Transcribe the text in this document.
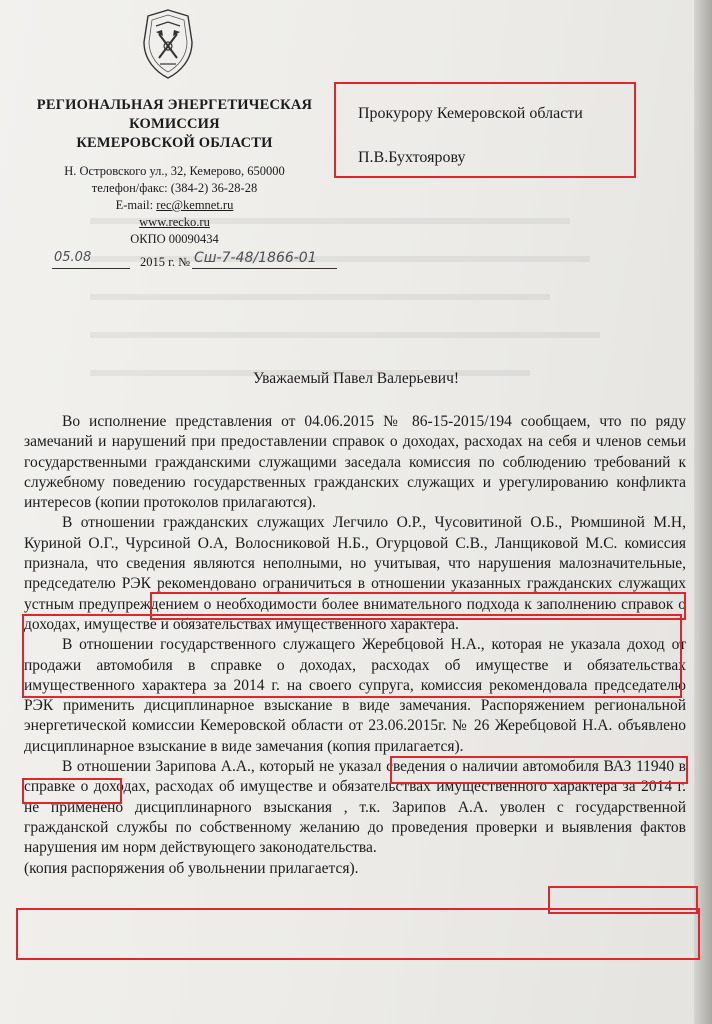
РЕГИОНАЛЬНАЯ ЭНЕРГЕТИЧЕСКАЯ
КОМИССИЯ
КЕМЕРОВСКОЙ ОБЛАСТИ
Н. Островского ул., 32, Кемерово, 650000
телефон/факс: (384-2) 36-28-28
E-mail: rec@kemnet.ru
www.recko.ru
ОКПО 00090434
05.08	2015 г. № Сш-7-48/1866-01
Прокурору Кемеровской области
П.В.Бухтоярову
Уважаемый Павел Валерьевич!

Во исполнение представления от 04.06.2015 № 86-15-2015/194 сообщаем, что по ряду замечаний и нарушений при предоставлении справок о доходах, расходах на себя и членов семьи государственными гражданскими служащими заседала комиссия по соблюдению требований к служебному поведению государственных гражданских служащих и урегулированию конфликта интересов (копии протоколов прилагаются).

В отношении гражданских служащих Легчило О.Р., Чусовитиной О.Б., Рюмшиной М.Н, Куриной О.Г., Чурсиной О.А, Волосниковой Н.Б., Огурцовой С.В., Ланщиковой М.С. комиссия признала, что сведения являются неполными, но учитывая, что нарушения малозначительные, председателю РЭК рекомендовано ограничиться в отношении указанных гражданских служащих устным предупреждением о необходимости более внимательного подхода к заполнению справок о доходах, имуществе и обязательствах имущественного характера.

В отношении государственного служащего Жеребцовой Н.А., которая не указала доход от продажи автомобиля в справке о доходах, расходах об имуществе и обязательствах имущественного характера за 2014 г. на своего супруга, комиссия рекомендовала председателю РЭК применить дисциплинарное взыскание в виде замечания. Распоряжением региональной энергетической комиссии Кемеровской области от 23.06.2015г. № 26 Жеребцовой Н.А. объявлено дисциплинарное взыскание в виде замечания (копия прилагается).

В отношении Зарипова А.А., который не указал сведения о наличии автомобиля ВАЗ 11940 в справке о доходах, расходах об имуществе и обязательствах имущественного характера за 2014 г. не применено дисциплинарного взыскания , т.к. Зарипов А.А. уволен с государственной гражданской службы по собственному желанию до проведения проверки и выявления фактов нарушения им норм действующего законодательства.

(копия распоряжения об увольнении прилагается).
